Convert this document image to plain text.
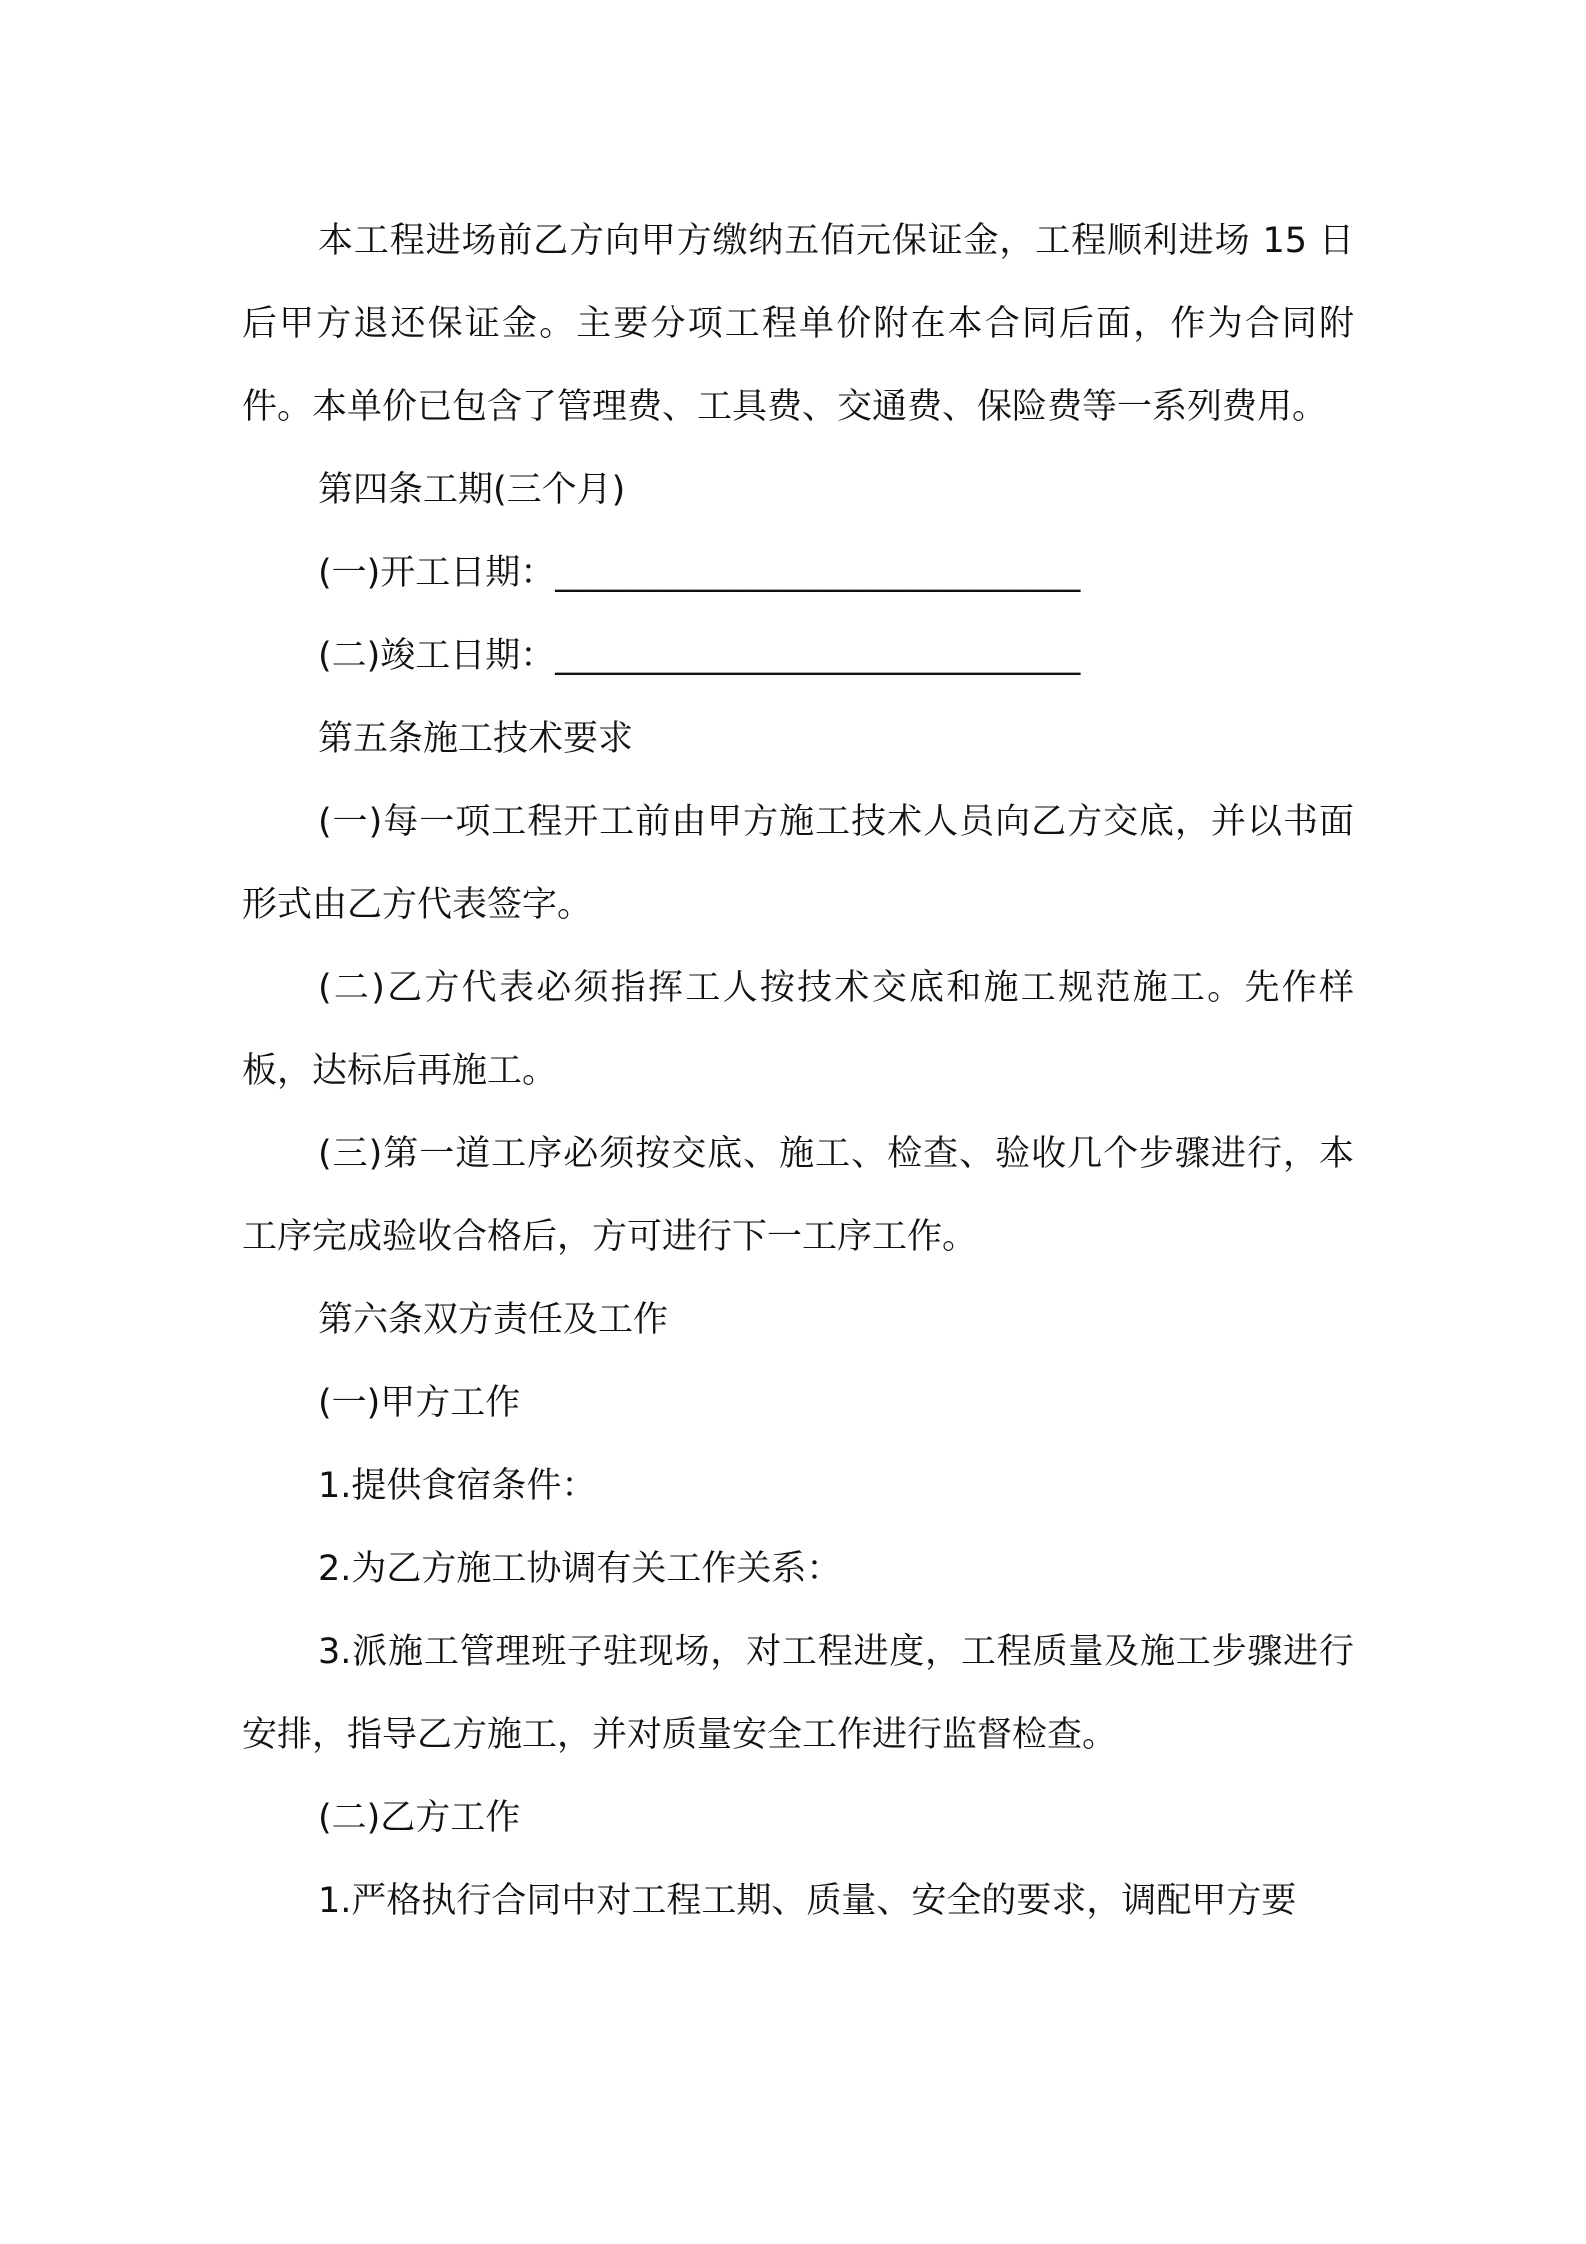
本工程进场前乙方向甲方缴纳五佰元保证金，工程顺利进场 15 日后甲方退还保证金。主要分项工程单价附在本合同后面，作为合同附件。本单价已包含了管理费、工具费、交通费、保险费等一系列费用。

第四条工期(三个月)

(一)开工日期：______________________________

(二)竣工日期：______________________________

第五条施工技术要求

(一)每一项工程开工前由甲方施工技术人员向乙方交底，并以书面形式由乙方代表签字。

(二)乙方代表必须指挥工人按技术交底和施工规范施工。先作样板，达标后再施工。

(三)第一道工序必须按交底、施工、检查、验收几个步骤进行，本工序完成验收合格后，方可进行下一工序工作。

第六条双方责任及工作

(一)甲方工作

1.提供食宿条件：

2.为乙方施工协调有关工作关系：

3.派施工管理班子驻现场，对工程进度，工程质量及施工步骤进行安排，指导乙方施工，并对质量安全工作进行监督检查。

(二)乙方工作

1.严格执行合同中对工程工期、质量、安全的要求，调配甲方要
